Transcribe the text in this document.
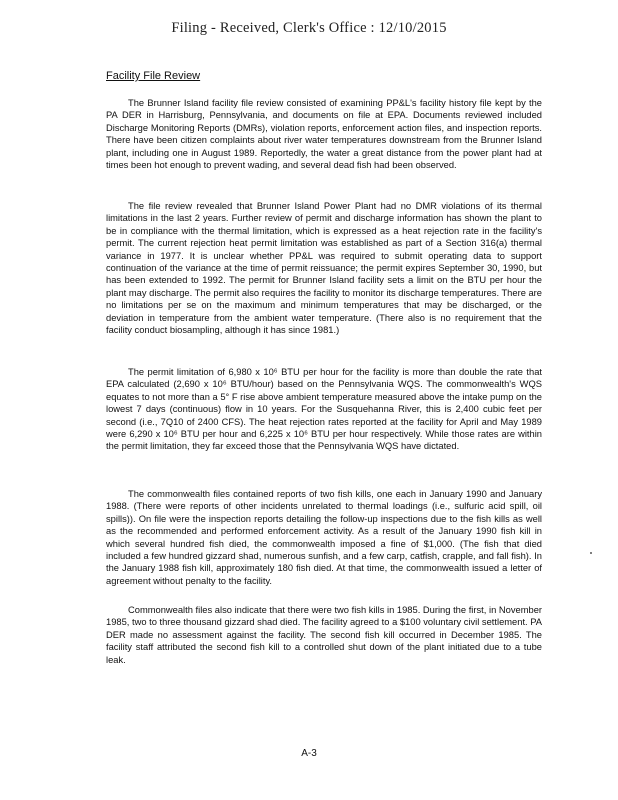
Filing - Received, Clerk's Office : 12/10/2015
Facility File Review

The Brunner Island facility file review consisted of examining PP&L's facility history file kept by the PA DER in Harrisburg, Pennsylvania, and documents on file at EPA. Documents reviewed included Discharge Monitoring Reports (DMRs), violation reports, enforcement action files, and inspection reports. There have been citizen complaints about river water temperatures downstream from the Brunner Island plant, including one in August 1989. Reportedly, the water a great distance from the power plant had at times been hot enough to prevent wading, and several dead fish had been observed.

The file review revealed that Brunner Island Power Plant had no DMR violations of its thermal limitations in the last 2 years. Further review of permit and discharge information has shown the plant to be in compliance with the thermal limitation, which is expressed as a heat rejection rate in the facility's permit. The current rejection heat permit limitation was established as part of a Section 316(a) thermal variance in 1977. It is unclear whether PP&L was required to submit operating data to support continuation of the variance at the time of permit reissuance; the permit expires September 30, 1990, but has been extended to 1992. The permit for Brunner Island facility sets a limit on the BTU per hour the plant may discharge. The permit also requires the facility to monitor its discharge temperatures. There are no limitations per se on the maximum and minimum temperatures that may be discharged, or the deviation in temperature from the ambient water temperature. (There also is no requirement that the facility conduct biosampling, although it has since 1981.)

The permit limitation of 6,980 x 10⁶ BTU per hour for the facility is more than double the rate that EPA calculated (2,690 x 10⁶ BTU/hour) based on the Pennsylvania WQS. The commonwealth's WQS equates to not more than a 5° F rise above ambient temperature measured above the intake pump on the lowest 7 days (continuous) flow in 10 years. For the Susquehanna River, this is 2,400 cubic feet per second (i.e., 7Q10 of 2400 CFS). The heat rejection rates reported at the facility for April and May 1989 were 6,290 x 10⁶ BTU per hour and 6,225 x 10⁶ BTU per hour respectively. While those rates are within the permit limitation, they far exceed those that the Pennsylvania WQS have dictated.

The commonwealth files contained reports of two fish kills, one each in January 1990 and January 1988. (There were reports of other incidents unrelated to thermal loadings (i.e., sulfuric acid spill, oil spills)). On file were the inspection reports detailing the follow-up inspections due to the fish kills as well as the recommended and performed enforcement activity. As a result of the January 1990 fish kill in which several hundred fish died, the commonwealth imposed a fine of $1,000. (The fish that died included a few hundred gizzard shad, numerous sunfish, and a few carp, catfish, crapple, and fall fish). In the January 1988 fish kill, approximately 180 fish died. At that time, the commonwealth issued a letter of agreement without penalty to the facility.

Commonwealth files also indicate that there were two fish kills in 1985. During the first, in November 1985, two to three thousand gizzard shad died. The facility agreed to a $100 voluntary civil settlement. PA DER made no assessment against the facility. The second fish kill occurred in December 1985. The facility staff attributed the second fish kill to a controlled shut down of the plant initiated due to a tube leak.

A-3
